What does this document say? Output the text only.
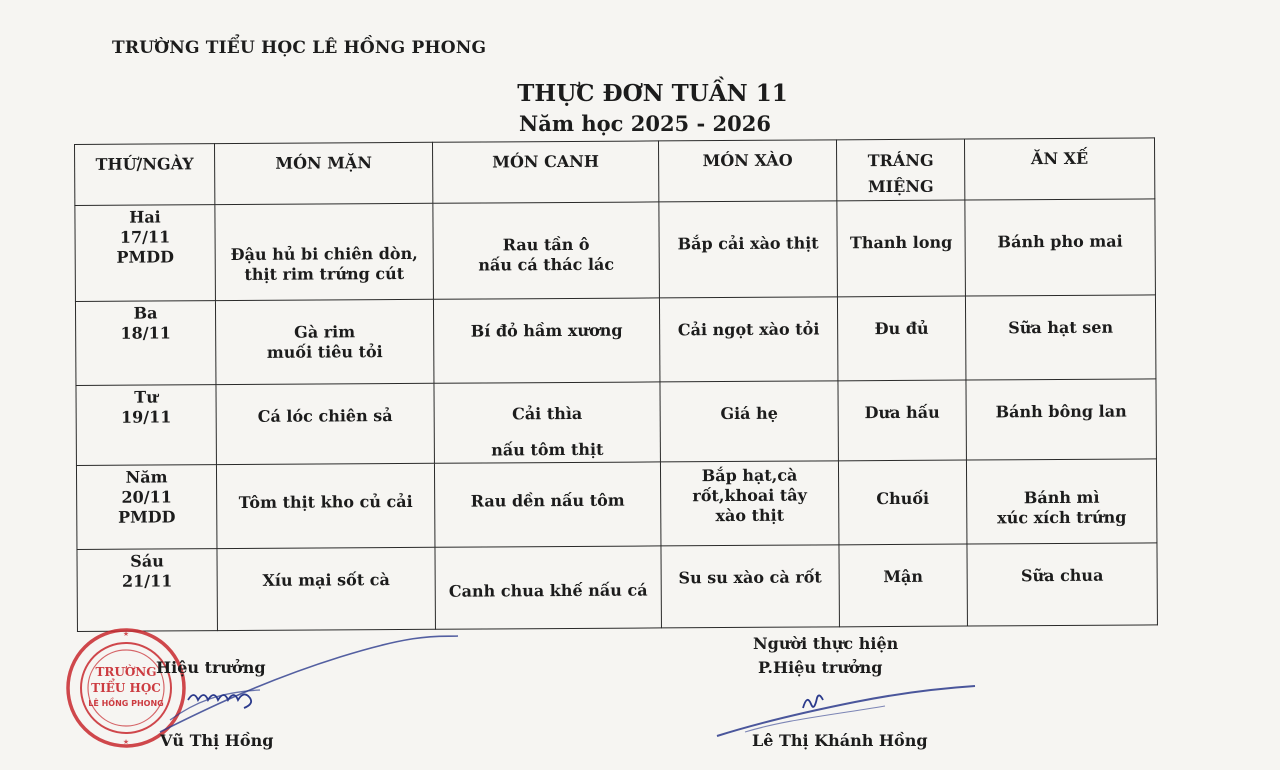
TRƯỜNG TIỂU HỌC LÊ HỒNG PHONG
THỰC ĐƠN TUẦN 11
Năm học 2025 - 2026
THỨ/NGÀY	MÓN MẶN	MÓN CANH	MÓN XÀO	TRÁNG
MIỆNG	ĂN XẾ
Hai
17/11
PMDD	Đậu hủ bi chiên dòn,
thịt rim trứng cút	Rau tần ô
nấu cá thác lác	Bắp cải xào thịt	Thanh long	Bánh pho mai

Ba
18/11	Gà rim
muối tiêu tỏi	Bí đỏ hầm xương	Cải ngọt xào tỏi	Đu đủ	Sữa hạt sen

Tư
19/11	Cá lóc chiên sả	Cải thìa

nấu tôm thịt	Giá hẹ	Dưa hấu	Bánh bông lan

Năm
20/11
PMDD	Tôm thịt kho củ cải	Rau dền nấu tôm	Bắp hạt,cà
rốt,khoai tây
xào thịt	Chuối	Bánh mì
xúc xích trứng

Sáu
21/11	Xíu mại sốt cà	Canh chua khế nấu cá	Su su xào cà rốt	Mận	Sữa chua
★
★
TRƯỜNG
TIỂU HỌC
LÊ HỒNG PHONG
Hiệu trưởng
Vũ Thị Hồng
Người thực hiện
P.Hiệu trưởng
Lê Thị Khánh Hồng
